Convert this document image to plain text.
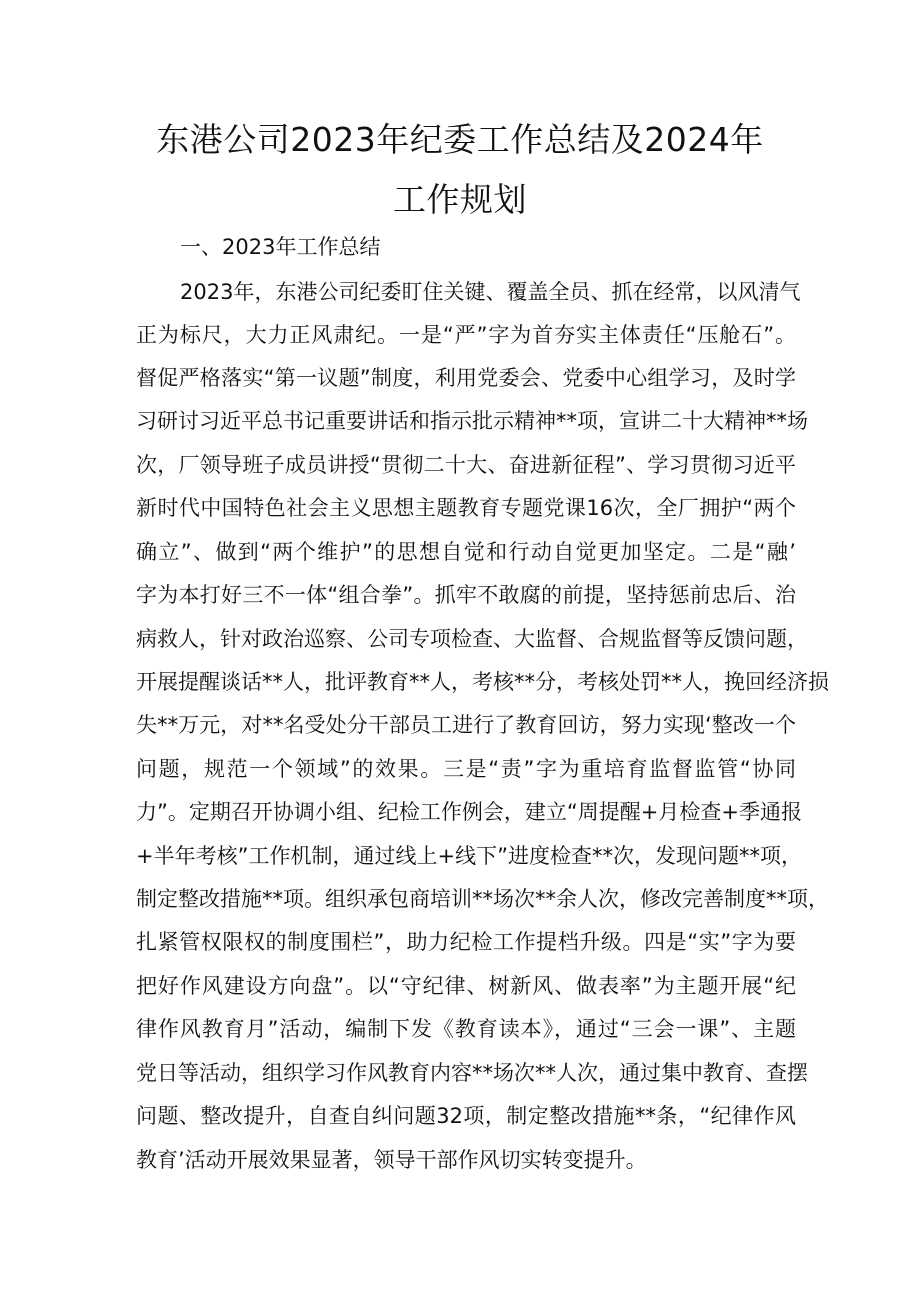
东港公司2023年纪委工作总结及2024年
工作规划
一、2023年工作总结

2023年，东港公司纪委盯住关键、覆盖全员、抓在经常，以风清气

正为标尺，大力正风肃纪。一是“严”字为首夯实主体责任“压舱石”。

督促严格落实“第一议题”制度，利用党委会、党委中心组学习，及时学

习研讨习近平总书记重要讲话和指示批示精神**项，宣讲二十大精神**场

次，厂领导班子成员讲授“贯彻二十大、奋进新征程”、学习贯彻习近平

新时代中国特色社会主义思想主题教育专题党课16次，全厂拥护“两个

确立”、做到“两个维护”的思想自觉和行动自觉更加坚定。二是“融’

字为本打好三不一体“组合拳”。抓牢不敢腐的前提，坚持惩前忠后、治

病救人，针对政治巡察、公司专项检查、大监督、合规监督等反馈问题，

开展提醒谈话**人，批评教育**人，考核**分，考核处罚**人，挽回经济损

失**万元，对**名受处分干部员工进行了教育回访，努力实现‘整改一个

问题，规范一个领域”的效果。三是“责”字为重培育监督监管“协同

力”。定期召开协调小组、纪检工作例会，建立“周提醒+月检查+季通报

+半年考核”工作机制，通过线上+线下”进度检查**次，发现问题**项，

制定整改措施**项。组织承包商培训**场次**余人次，修改完善制度**项，

扎紧管权限权的制度围栏”，助力纪检工作提档升级。四是“实”字为要

把好作风建设方向盘”。以“守纪律、树新风、做表率”为主题开展“纪

律作风教育月”活动，编制下发《教育读本》，通过“三会一课”、主题

党日等活动，组织学习作风教育内容**场次**人次，通过集中教育、查摆

问题、整改提升，自查自纠问题32项，制定整改措施**条，“纪律作风

教育’活动开展效果显著，领导干部作风切实转变提升。
